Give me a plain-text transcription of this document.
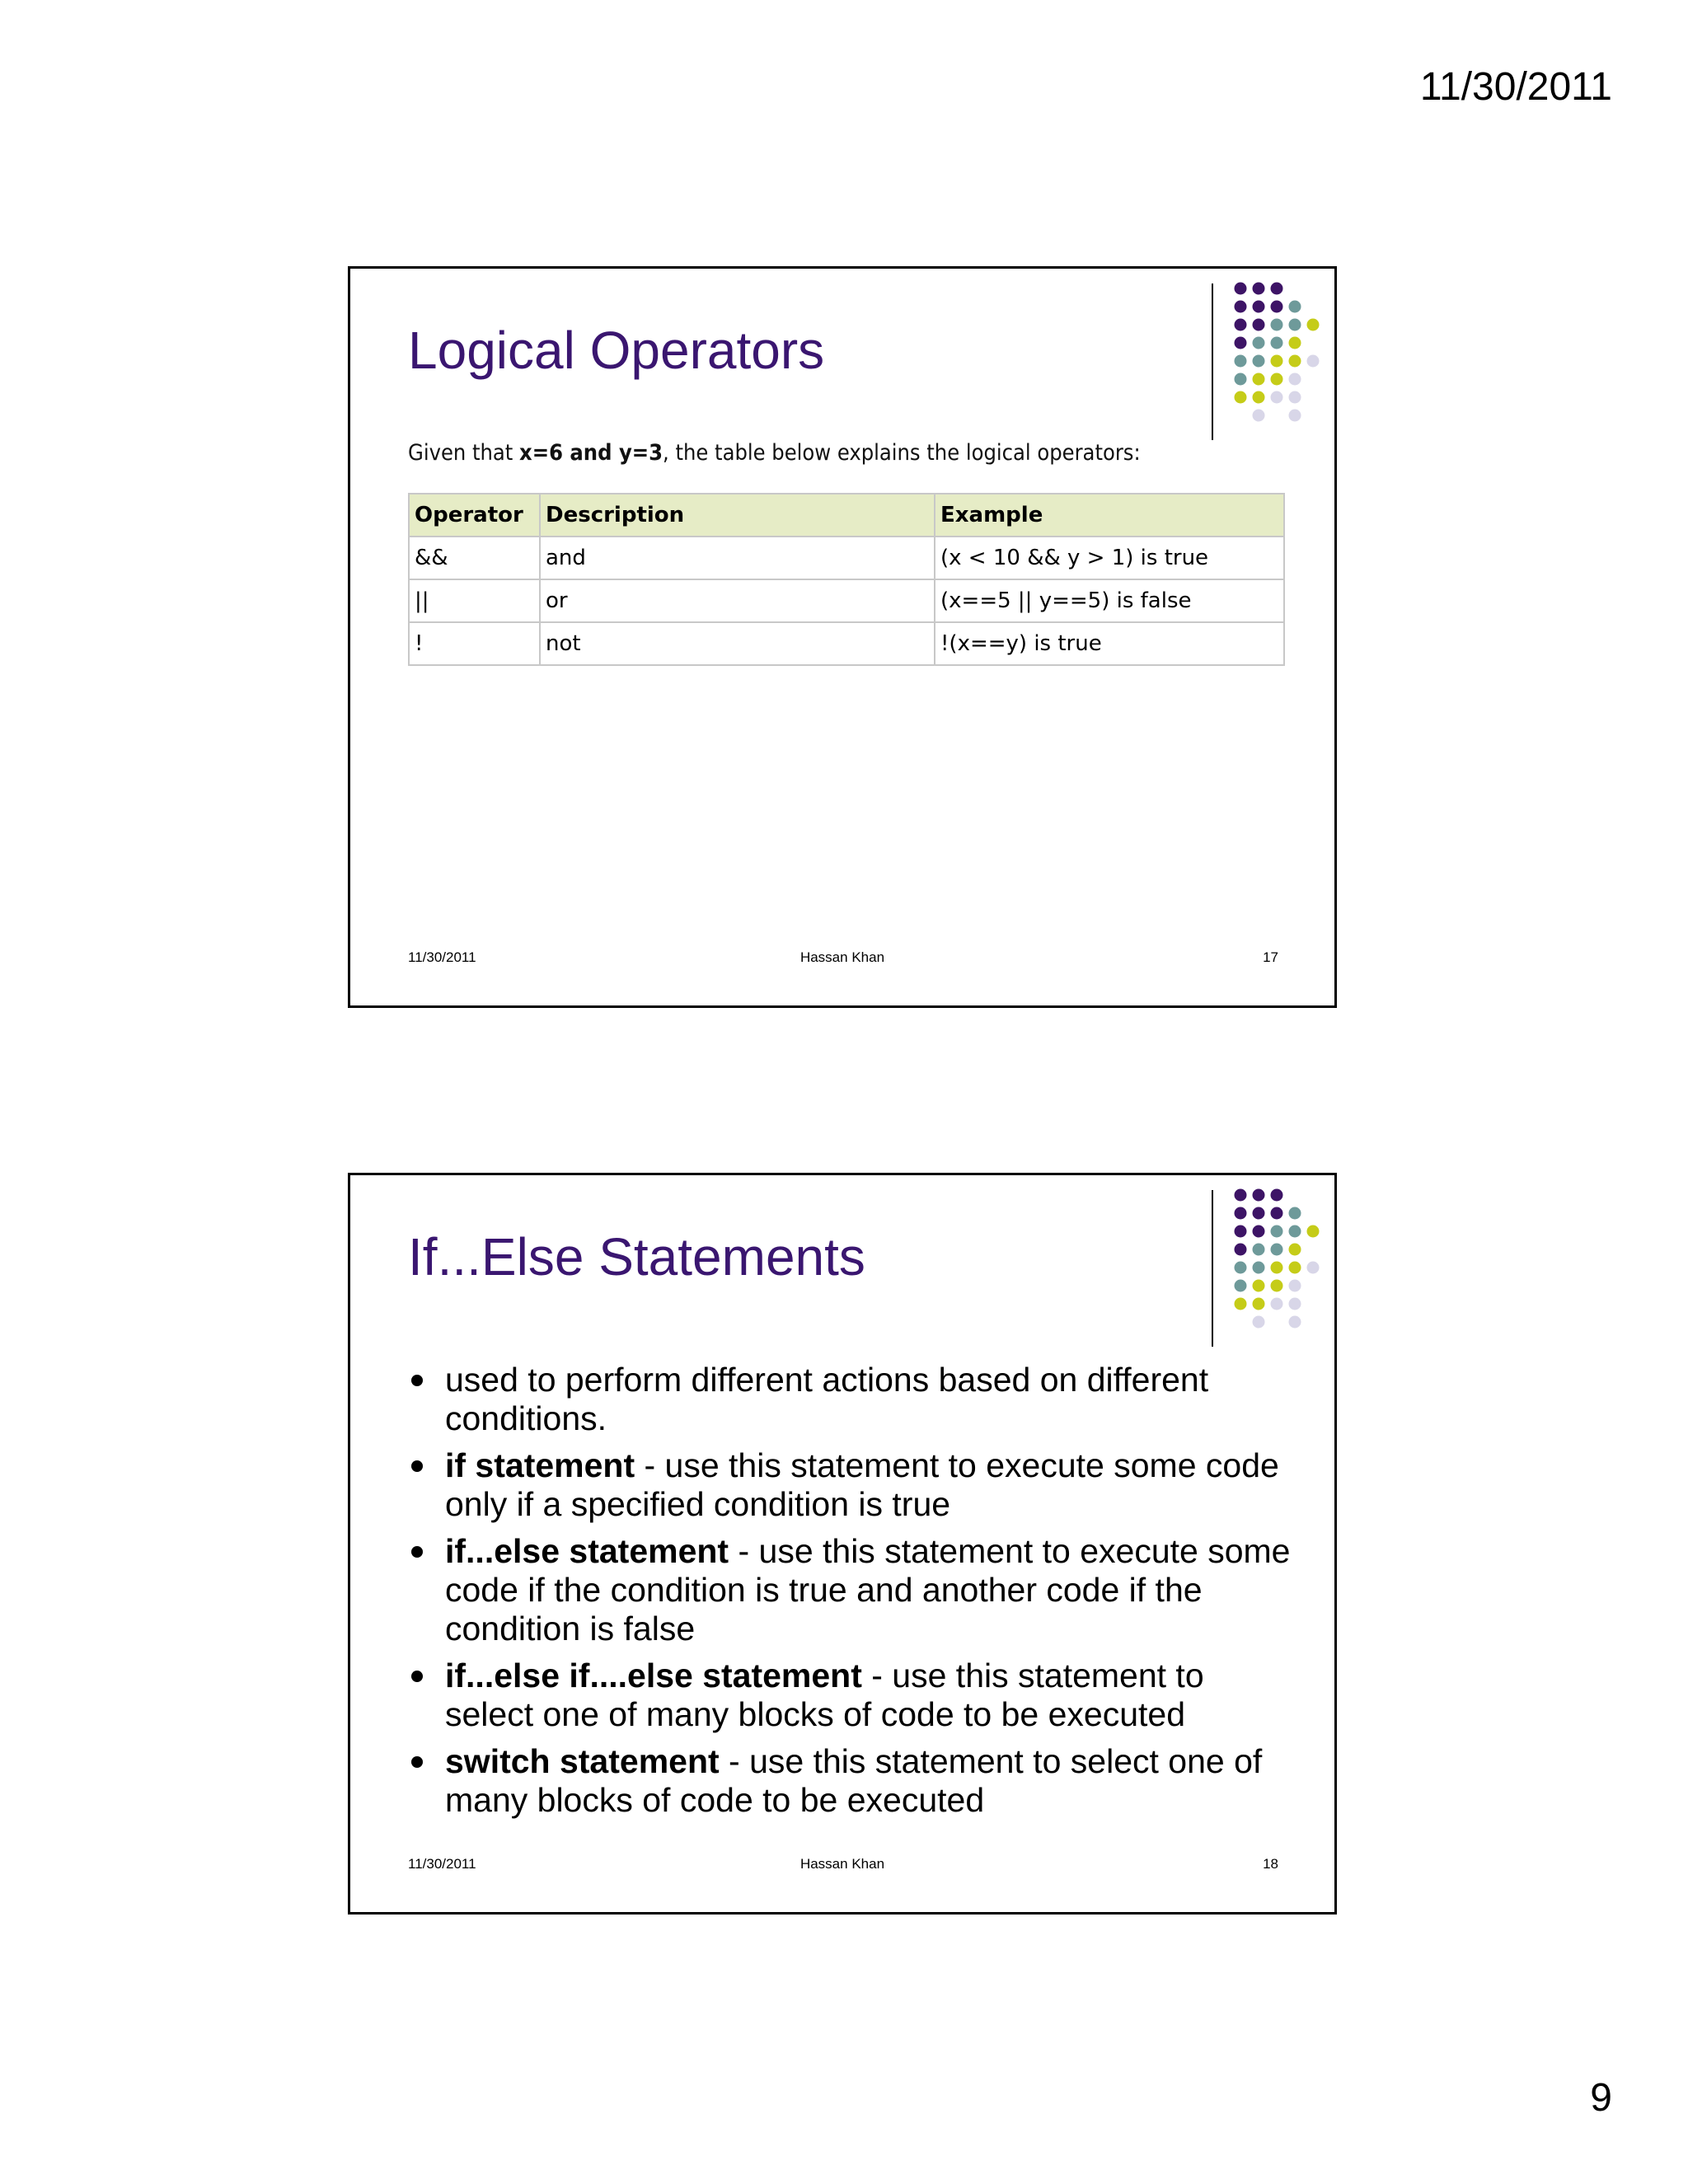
11/30/2011
Logical Operators
Given that x=6 and y=3, the table below explains the logical operators:
Operator	Description	Example
&&	and	(x < 10 && y > 1) is true
||	or	(x==5 || y==5) is false
!	not	!(x==y) is true
11/30/2011	Hassan Khan	17
If...Else Statements
used to perform different actions based on different conditions.
if statement - use this statement to execute some code only if a specified condition is true
if...else statement - use this statement to execute some code if the condition is true and another code if the condition is false
if...else if....else statement - use this statement to select one of many blocks of code to be executed
switch statement - use this statement to select one of many blocks of code to be executed
11/30/2011	Hassan Khan	18
9
